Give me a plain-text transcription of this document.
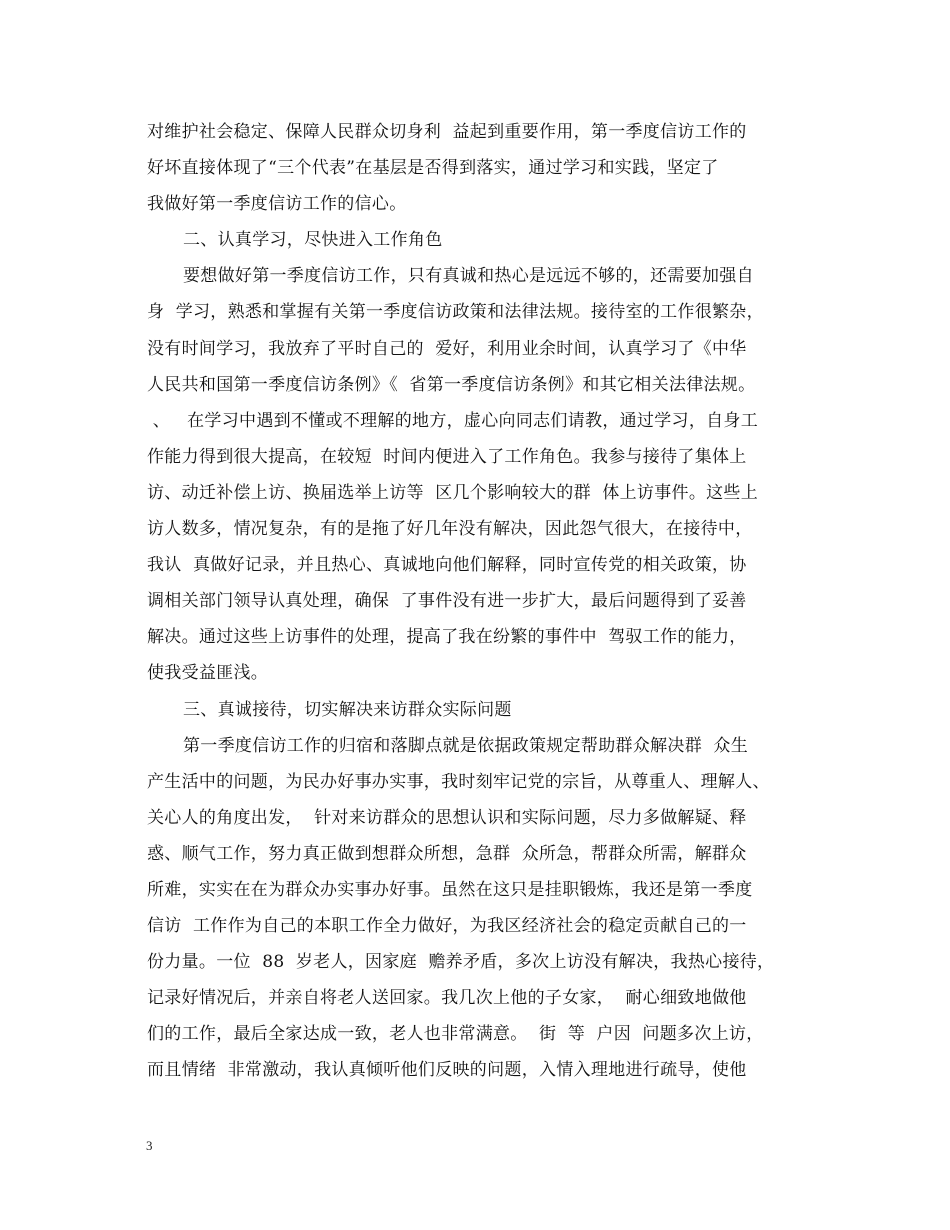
对维护社会稳定、保障人民群众切身利  益起到重要作用，第一季度信访工作的
好坏直接体现了“三个代表”在基层是否得到落实，通过学习和实践，坚定了
我做好第一季度信访工作的信心。
二、认真学习，尽快进入工作角色
要想做好第一季度信访工作，只有真诚和热心是远远不够的，还需要加强自
身  学习，熟悉和掌握有关第一季度信访政策和法律法规。接待室的工作很繁杂，
没有时间学习，我放弃了平时自己的  爱好，利用业余时间，认真学习了《中华
人民共和国第一季度信访条例》《  省第一季度信访条例》和其它相关法律法规。
、   在学习中遇到不懂或不理解的地方，虚心向同志们请教，通过学习，自身工
作能力得到很大提高，在较短  时间内便进入了工作角色。我参与接待了集体上
访、动迁补偿上访、换届选举上访等  区几个影响较大的群  体上访事件。这些上
访人数多，情况复杂，有的是拖了好几年没有解决，因此怨气很大，在接待中，
我认  真做好记录，并且热心、真诚地向他们解释，同时宣传党的相关政策，协
调相关部门领导认真处理，确保  了事件没有进一步扩大，最后问题得到了妥善
解决。通过这些上访事件的处理，提高了我在纷繁的事件中  驾驭工作的能力，
使我受益匪浅。
三、真诚接待，切实解决来访群众实际问题
第一季度信访工作的归宿和落脚点就是依据政策规定帮助群众解决群  众生
产生活中的问题，为民办好事办实事，我时刻牢记党的宗旨，从尊重人、理解人、
关心人的角度出发，  针对来访群众的思想认识和实际问题，尽力多做解疑、释
惑、顺气工作，努力真正做到想群众所想，急群  众所急，帮群众所需，解群众
所难，实实在在为群众办实事办好事。虽然在这只是挂职锻炼，我还是第一季度
信访  工作作为自己的本职工作全力做好，为我区经济社会的稳定贡献自己的一
份力量。一位  88  岁老人，因家庭  赡养矛盾，多次上访没有解决，我热心接待，
记录好情况后，并亲自将老人送回家。我几次上他的子女家，  耐心细致地做他
们的工作，最后全家达成一致，老人也非常满意。  街  等  户因  问题多次上访，
而且情绪  非常激动，我认真倾听他们反映的问题，入情入理地进行疏导，使他
3
